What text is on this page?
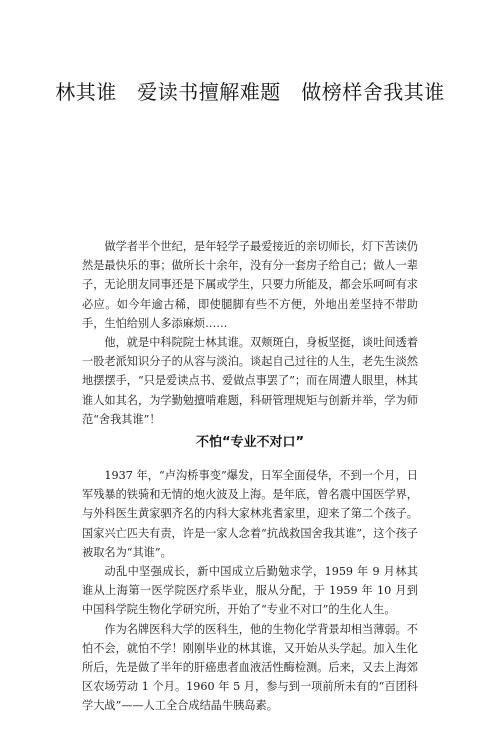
林其谁　爱读书擅解难题　做榜样舍我其谁

做学者半个世纪，是年轻学子最爱接近的亲切师长，灯下苦读仍然是最快乐的事；做所长十余年，没有分一套房子给自己；做人一辈子，无论朋友同事还是下属或学生，只要力所能及，都会乐呵呵有求必应。如今年逾古稀，即使腿脚有些不方便，外地出差坚持不带助手，生怕给别人多添麻烦……

他，就是中科院院士林其谁。双颊斑白，身板坚挺，谈吐间透着一股老派知识分子的从容与淡泊。谈起自己过往的人生，老先生淡然地摆摆手，“只是爱读点书、爱做点事罢了”；而在周遭人眼里，林其谁人如其名，为学勤勉擅啃难题，科研管理规矩与创新并举，学为师范“舍我其谁”！

不怕“专业不对口”

1937 年，“卢沟桥事变”爆发，日军全面侵华，不到一个月，日军残暴的铁骑和无情的炮火波及上海。是年底，曾名震中国医学界，与外科医生黄家驷齐名的内科大家林兆耆家里，迎来了第二个孩子。国家兴亡匹夫有责，许是一家人念着“抗战救国舍我其谁”，这个孩子被取名为“其谁”。

动乱中坚强成长，新中国成立后勤勉求学，1959 年 9 月林其谁从上海第一医学院医疗系毕业，服从分配，于 1959 年 10 月到中国科学院生物化学研究所，开始了“专业不对口”的生化人生。

作为名牌医科大学的医科生，他的生物化学背景却相当薄弱。不怕不会，就怕不学！刚刚毕业的林其谁，又开始从头学起。加入生化所后，先是做了半年的肝癌患者血液活性酶检测。后来，又去上海郊区农场劳动 1 个月。1960 年 5 月，参与到一项前所未有的“百团科学大战”——人工全合成结晶牛胰岛素。
